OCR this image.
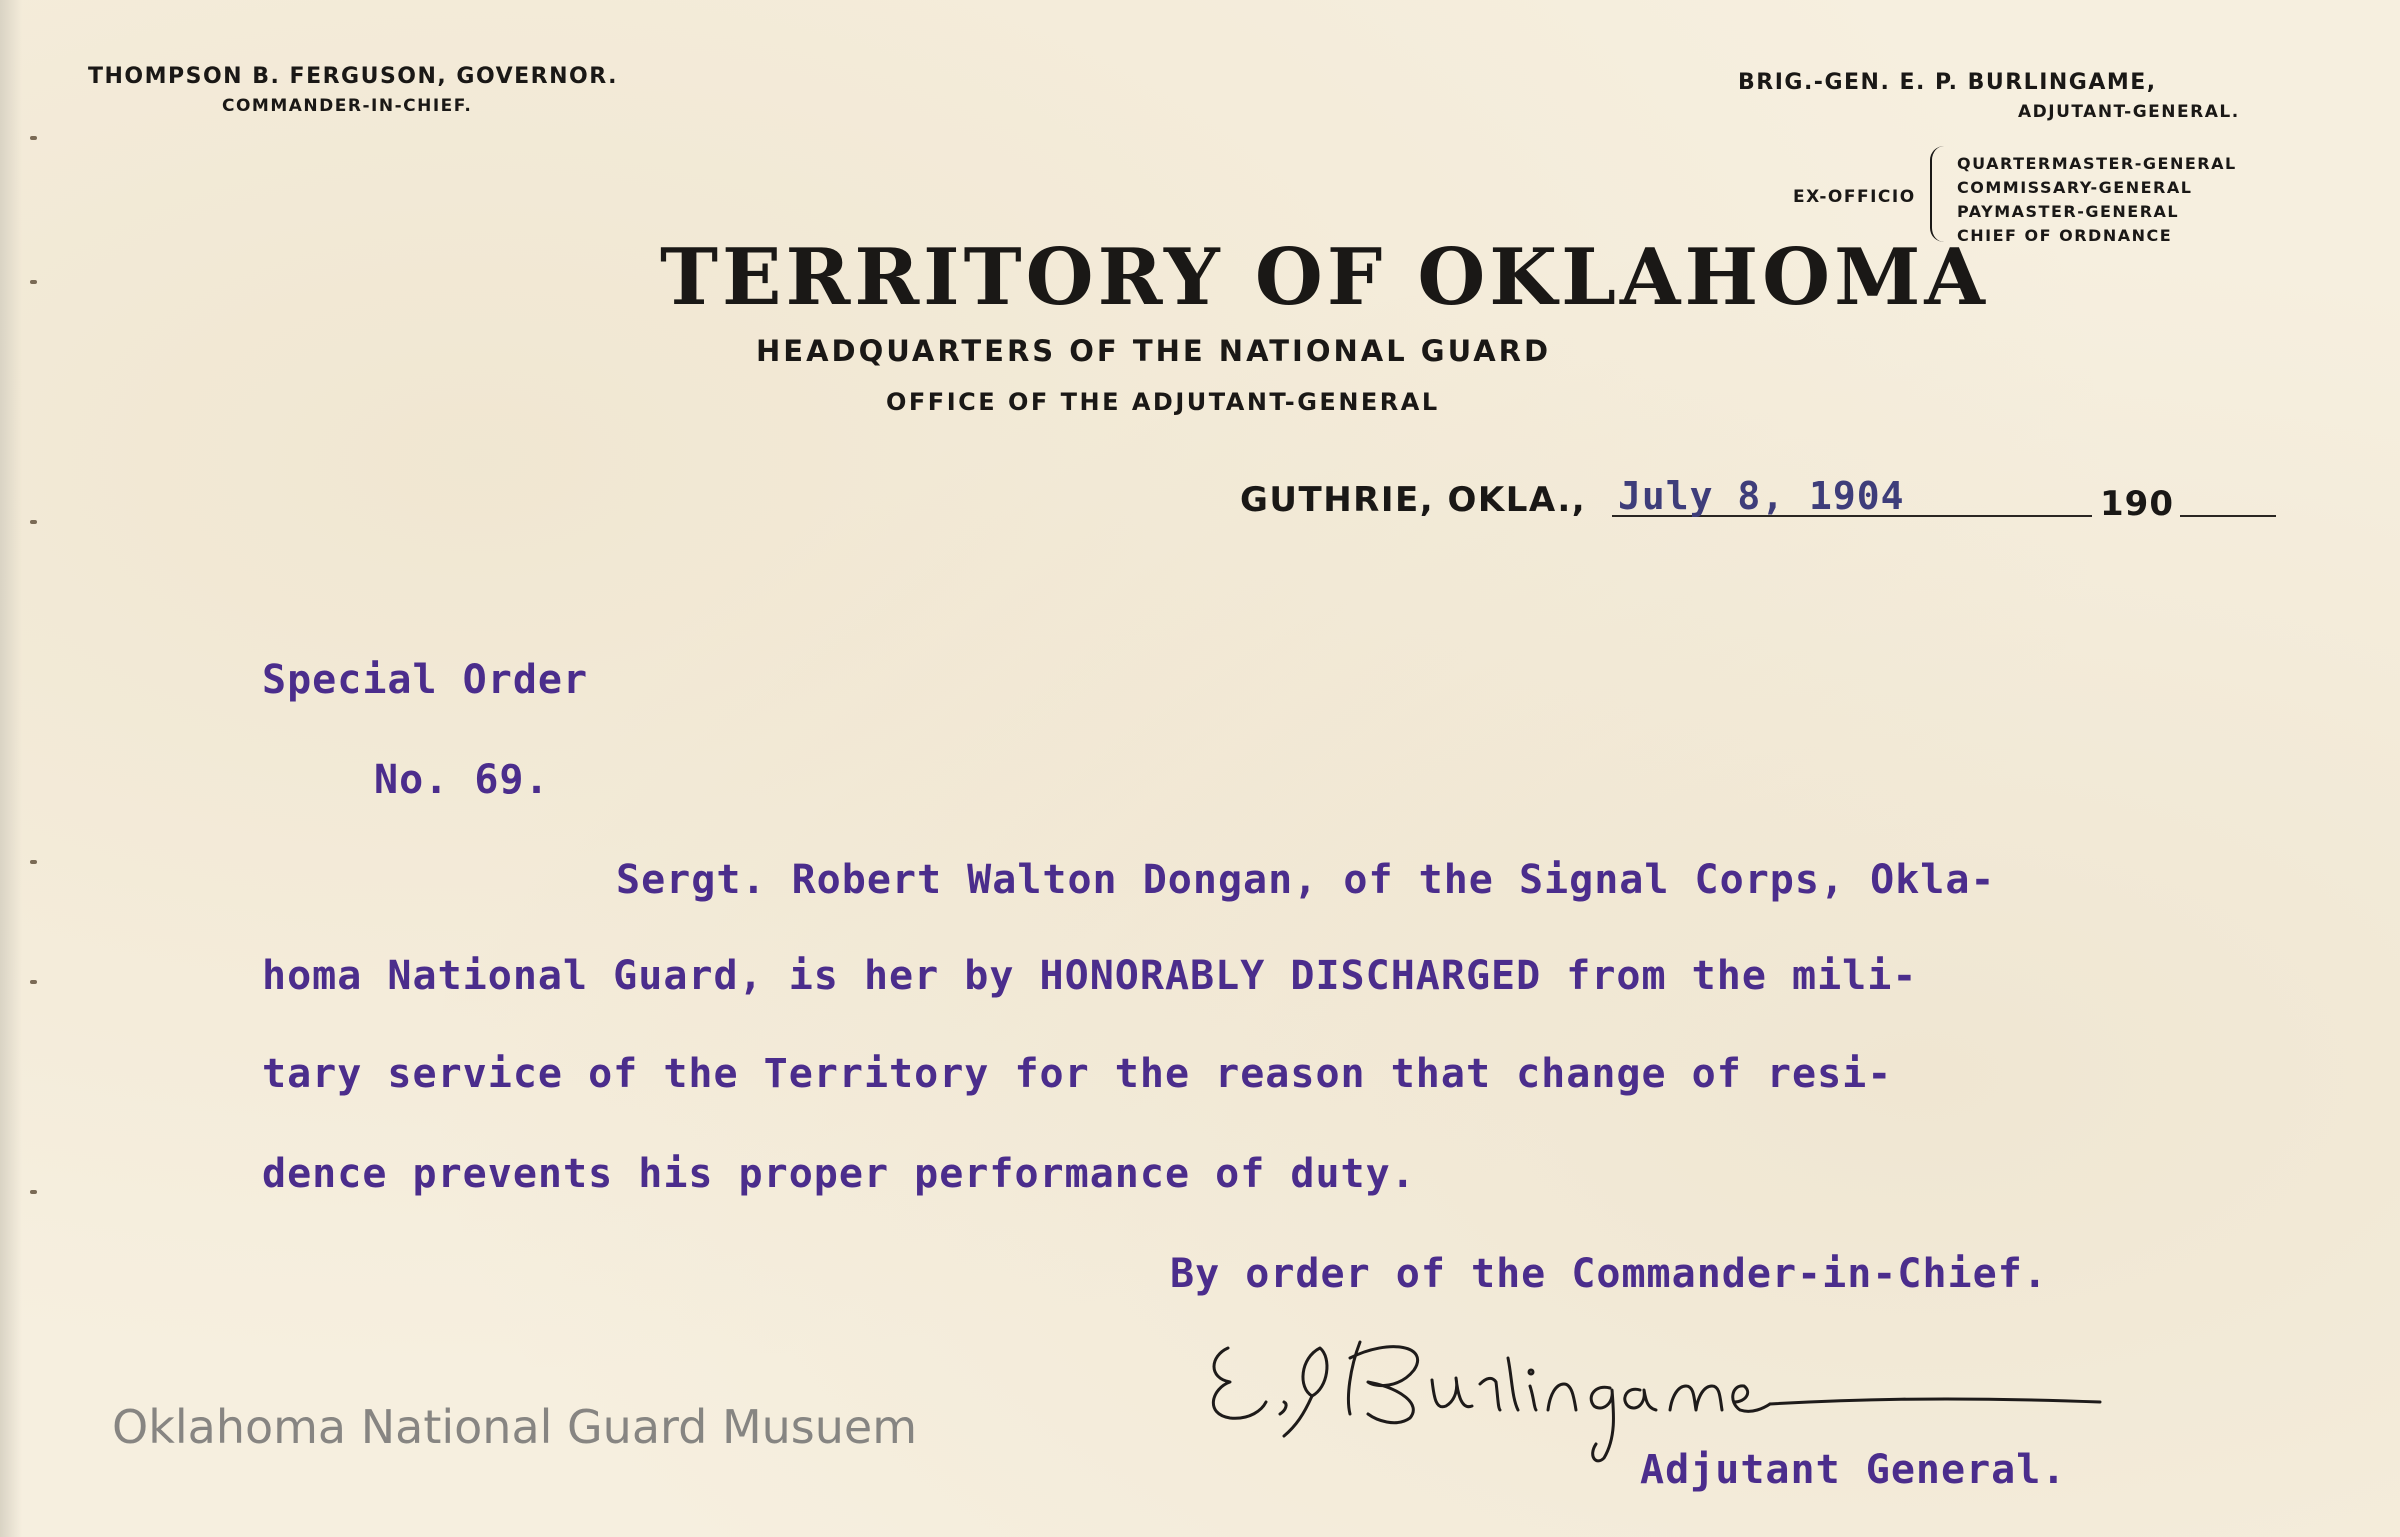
THOMPSON B. FERGUSON, GOVERNOR.
COMMANDER-IN-CHIEF.
BRIG.-GEN. E. P. BURLINGAME,
ADJUTANT-GENERAL.
EX-OFFICIO
QUARTERMASTER-GENERAL
COMMISSARY-GENERAL
PAYMASTER-GENERAL
CHIEF OF ORDNANCE
TERRITORY OF OKLAHOMA
HEADQUARTERS OF THE NATIONAL GUARD
OFFICE OF THE ADJUTANT-GENERAL
GUTHRIE, OKLA., July 8, 1904	190
Special Order
No. 69.
Sergt. Robert Walton Dongan, of the Signal Corps, Okla-
homa National Guard, is her by HONORABLY DISCHARGED from the mili-
tary service of the Territory for the reason that change of resi-
dence prevents his proper performance of duty.
By order of the Commander-in-Chief.
Adjutant General.
Oklahoma National Guard Musuem
